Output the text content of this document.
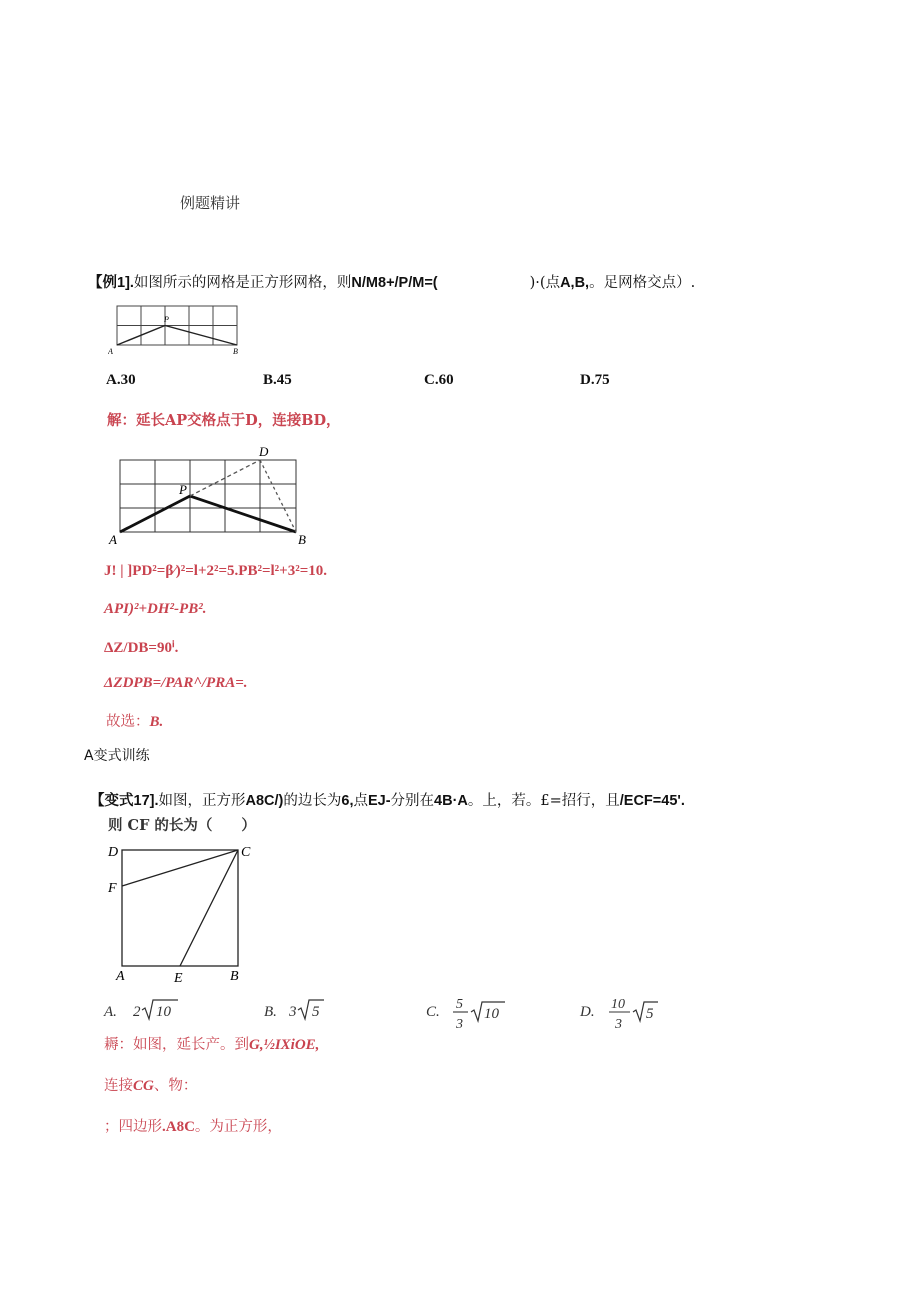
例题精讲
【例1].如图所示的网格是正方形网格，则N/M8+/P/M=(	)·(点A,B,。足网格交点）.
A	B
P
A.30	B.45	C.60	D.75
解：延长AP交格点于D，连接BD，
A	B
P
D
J! | ]PD²=β⁄)²=l+2²=5.PB²=l²+3²=10.
API)²+DH²-PB².
ΔZ/DB=90ⁱ.
ΔZDPB=/PAR^/PRA=.
故选：B.
A变式训练
【变式17].如图，正方形A8C/)的边长为6,点EJ-分别在4B·A。上，若。£=招行，且/ECF=45'.
则 CF 的长为（　　）
D	C
F
A	E	B
A. 2 10	B. 3 5	C. 5
3
10	D. 10
3
5
耨：如图，延长产。到G,½IXiOE,
连接CG、物：
；四边形.A8C。为正方形，
